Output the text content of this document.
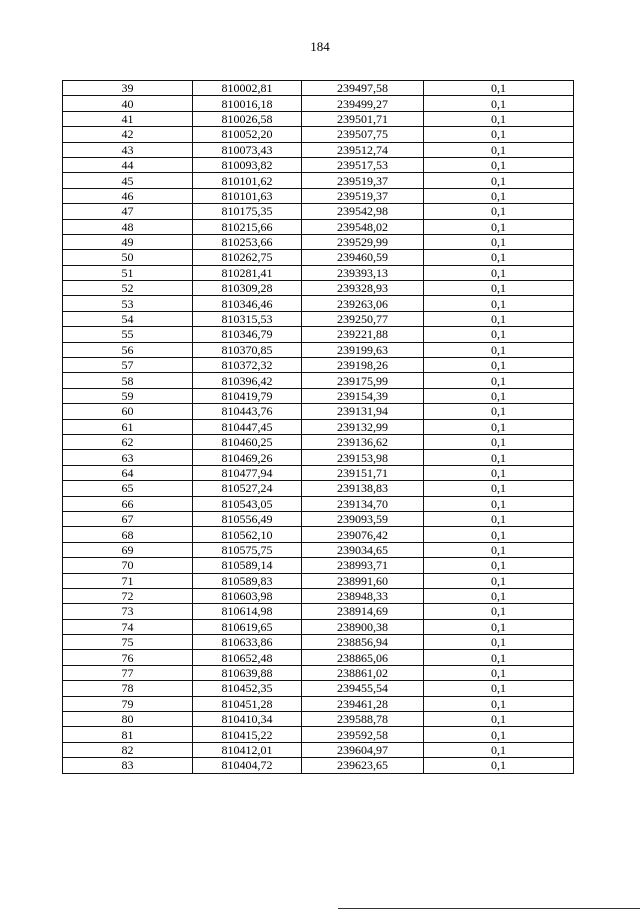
184
39	810002,81	239497,58	0,1
40	810016,18	239499,27	0,1
41	810026,58	239501,71	0,1
42	810052,20	239507,75	0,1
43	810073,43	239512,74	0,1
44	810093,82	239517,53	0,1
45	810101,62	239519,37	0,1
46	810101,63	239519,37	0,1
47	810175,35	239542,98	0,1
48	810215,66	239548,02	0,1
49	810253,66	239529,99	0,1
50	810262,75	239460,59	0,1
51	810281,41	239393,13	0,1
52	810309,28	239328,93	0,1
53	810346,46	239263,06	0,1
54	810315,53	239250,77	0,1
55	810346,79	239221,88	0,1
56	810370,85	239199,63	0,1
57	810372,32	239198,26	0,1
58	810396,42	239175,99	0,1
59	810419,79	239154,39	0,1
60	810443,76	239131,94	0,1
61	810447,45	239132,99	0,1
62	810460,25	239136,62	0,1
63	810469,26	239153,98	0,1
64	810477,94	239151,71	0,1
65	810527,24	239138,83	0,1
66	810543,05	239134,70	0,1
67	810556,49	239093,59	0,1
68	810562,10	239076,42	0,1
69	810575,75	239034,65	0,1
70	810589,14	238993,71	0,1
71	810589,83	238991,60	0,1
72	810603,98	238948,33	0,1
73	810614,98	238914,69	0,1
74	810619,65	238900,38	0,1
75	810633,86	238856,94	0,1
76	810652,48	238865,06	0,1
77	810639,88	238861,02	0,1
78	810452,35	239455,54	0,1
79	810451,28	239461,28	0,1
80	810410,34	239588,78	0,1
81	810415,22	239592,58	0,1
82	810412,01	239604,97	0,1
83	810404,72	239623,65	0,1
